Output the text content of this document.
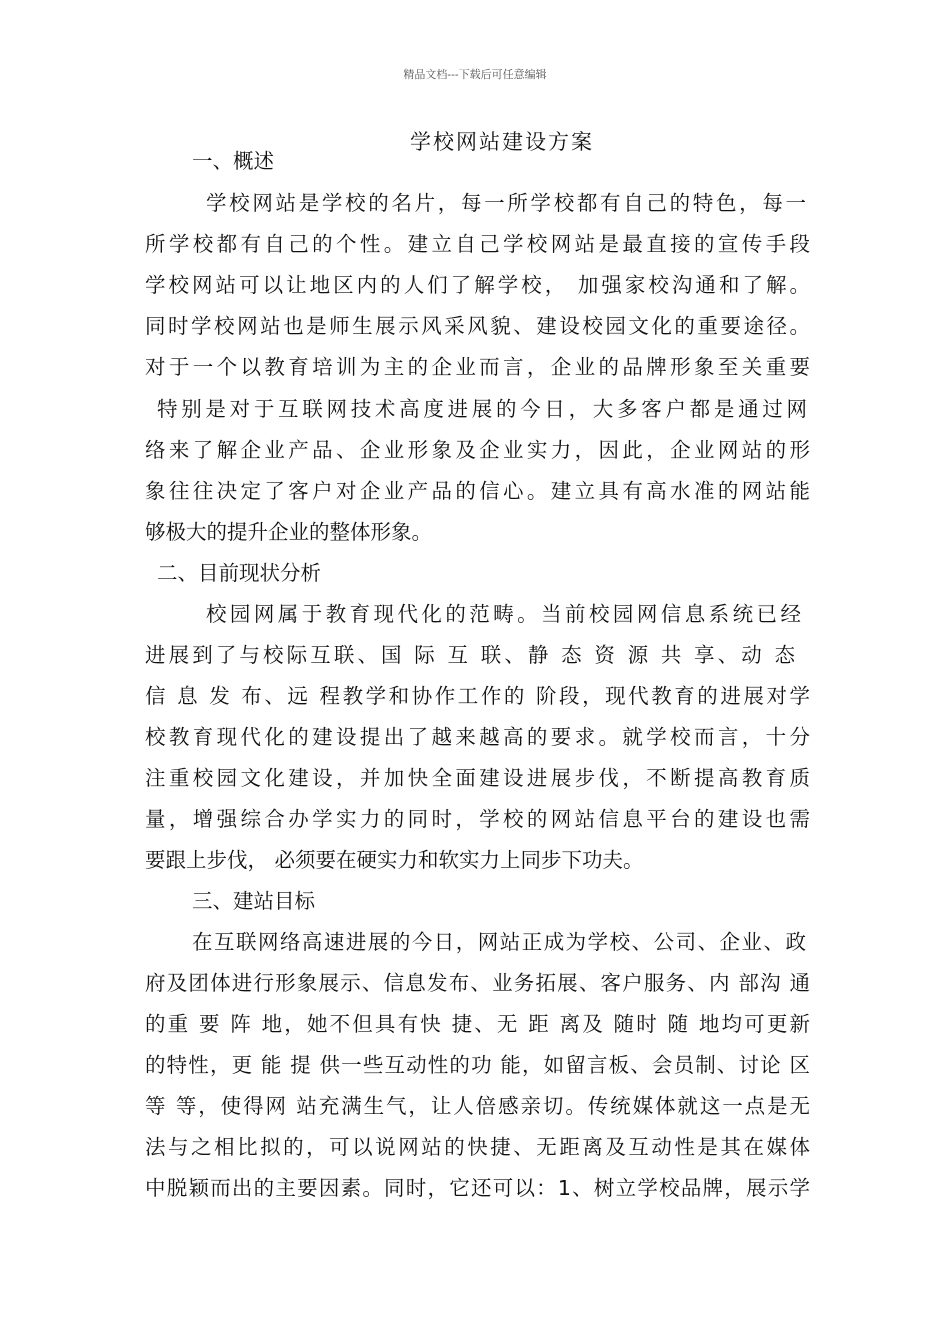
精品文档---下载后可任意编辑
学校网站建设方案
一、概述
学校网站是学校的名片，每一所学校都有自己的特色，每一
所学校都有自己的个性。建立自己学校网站是最直接的宣传手段
学校网站可以让地区内的人们了解学校， 加强家校沟通和了解。
同时学校网站也是师生展示风采风貌、建设校园文化的重要途径。
对于一个以教育培训为主的企业而言，企业的品牌形象至关重要
特别是对于互联网技术高度进展的今日，大多客户都是通过网
络来了解企业产品、企业形象及企业实力，因此，企业网站的形
象往往决定了客户对企业产品的信心。建立具有高水准的网站能
够极大的提升企业的整体形象。
二、目前现状分析
校园网属于教育现代化的范畴。当前校园网信息系统已经
进展到了与校际互联、国 际 互 联、静 态 资 源 共 享、动 态
信 息 发 布、远 程教学和协作工作的 阶段，现代教育的进展对学
校教育现代化的建设提出了越来越高的要求。就学校而言，十分
注重校园文化建设，并加快全面建设进展步伐，不断提高教育质
量，增强综合办学实力的同时，学校的网站信息平台的建设也需
要跟上步伐， 必须要在硬实力和软实力上同步下功夫。
三、建站目标
在互联网络高速进展的今日，网站正成为学校、公司、企业、政
府及团体进行形象展示、信息发布、业务拓展、客户服务、内 部沟 通
的重 要 阵 地，她不但具有快 捷、无 距 离及 随时 随 地均可更新
的特性，更 能 提 供一些互动性的功 能，如留言板、会员制、讨论 区
等 等，使得网 站充满生气，让人倍感亲切。传统媒体就这一点是无
法与之相比拟的，可以说网站的快捷、无距离及互动性是其在媒体
中脱颖而出的主要因素。同时，它还可以：1、树立学校品牌，展示学
